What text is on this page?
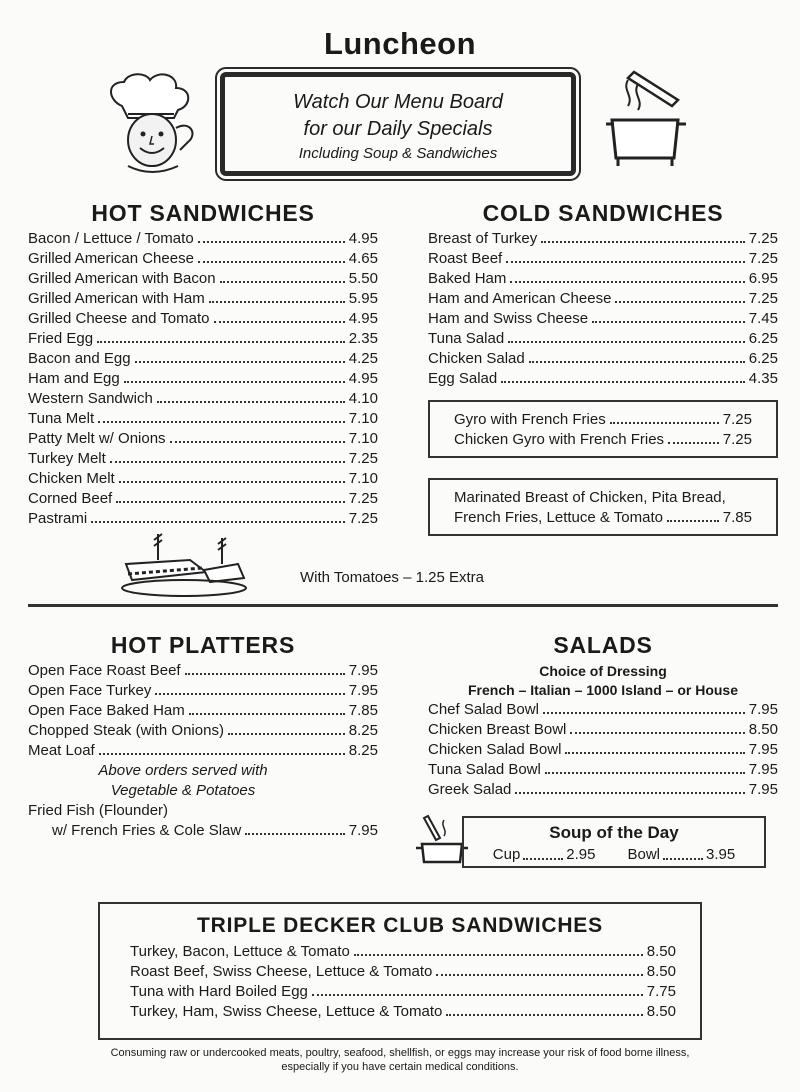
Luncheon
Watch Our Menu Board
for our Daily Specials
Including Soup & Sandwiches
HOT SANDWICHES
Bacon / Lettuce / Tomato	4.95
Grilled American Cheese	4.65
Grilled American with Bacon	5.50
Grilled American with Ham	5.95
Grilled Cheese and Tomato	4.95
Fried Egg	2.35
Bacon and Egg	4.25
Ham and Egg	4.95
Western Sandwich	4.10
Tuna Melt	7.10
Patty Melt w/ Onions	7.10
Turkey Melt	7.25
Chicken Melt	7.10
Corned Beef	7.25
Pastrami	7.25
With Tomatoes – 1.25 Extra
COLD SANDWICHES
Breast of Turkey	7.25
Roast Beef	7.25
Baked Ham	6.95
Ham and American Cheese	7.25
Ham and Swiss Cheese	7.45
Tuna Salad	6.25
Chicken Salad	6.25
Egg Salad	4.35
Gyro with French Fries	7.25
Chicken Gyro with French Fries	7.25
Marinated Breast of Chicken, Pita Bread,
French Fries, Lettuce & Tomato	7.85
HOT PLATTERS
Open Face Roast Beef	7.95
Open Face Turkey	7.95
Open Face Baked Ham	7.85
Chopped Steak (with Onions)	8.25
Meat Loaf	8.25
Above orders served with
Vegetable & Potatoes
Fried Fish (Flounder)
w/ French Fries & Cole Slaw	7.95
SALADS
Choice of Dressing
French – Italian – 1000 Island – or House
Chef Salad Bowl	7.95
Chicken Breast Bowl	8.50
Chicken Salad Bowl	7.95
Tuna Salad Bowl	7.95
Greek Salad	7.95
Soup of the Day
Cup	2.95 Bowl	3.95
TRIPLE DECKER CLUB SANDWICHES
Turkey, Bacon, Lettuce & Tomato	8.50
Roast Beef, Swiss Cheese, Lettuce & Tomato	8.50
Tuna with Hard Boiled Egg	7.75
Turkey, Ham, Swiss Cheese, Lettuce & Tomato	8.50
Consuming raw or undercooked meats, poultry, seafood, shellfish, or eggs may increase your risk of food borne illness,
especially if you have certain medical conditions.
